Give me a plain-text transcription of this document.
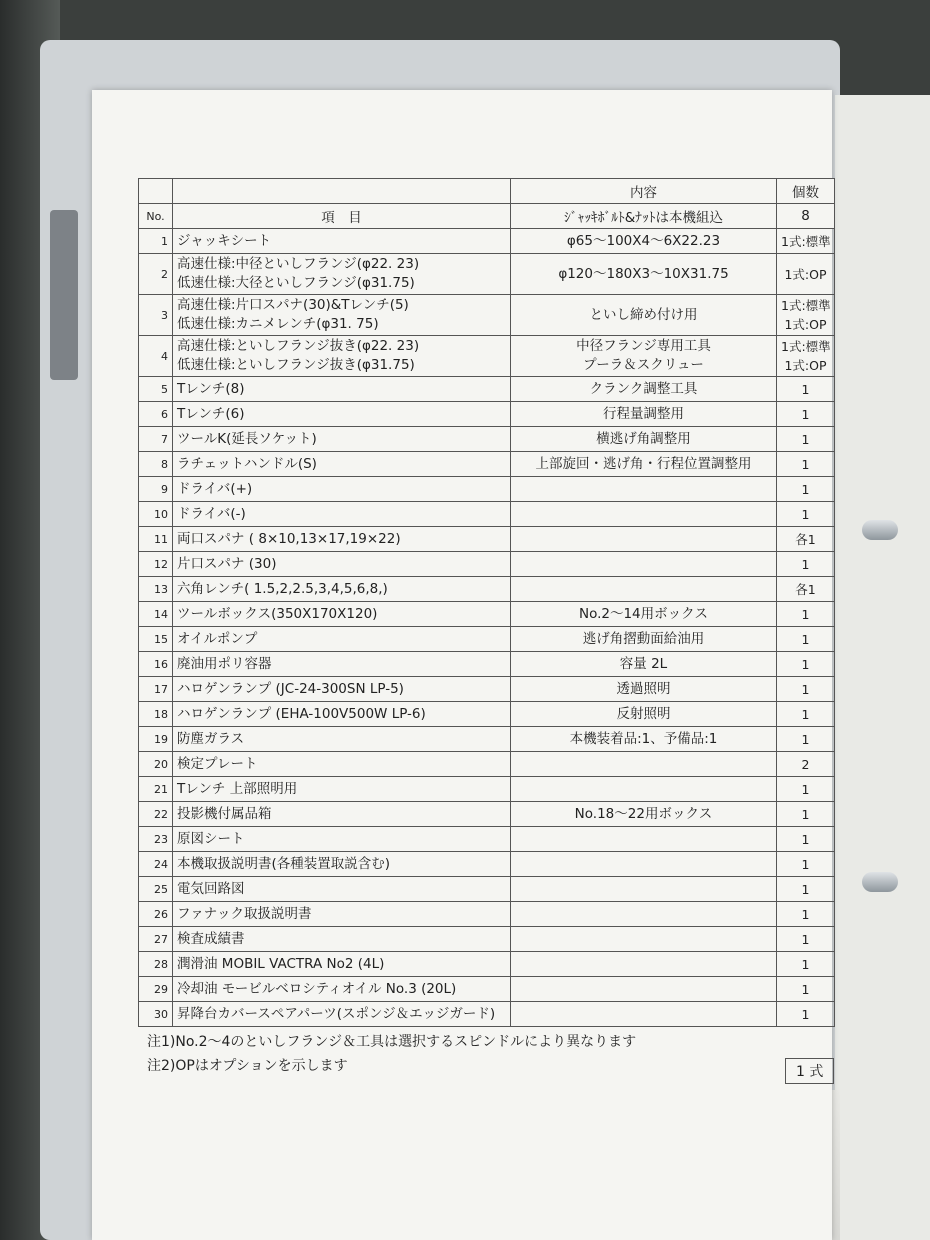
		内容	個数
No.	項　目	ｼﾞｬｯｷﾎﾞﾙﾄ&ﾅｯﾄは本機組込	8
1	ジャッキシート	φ65～100X4～6X22.23	1式:標準

2	高速仕様:中径といしフランジ(φ22. 23)
低速仕様:大径といしフランジ(φ31.75)	φ120～180X3～10X31.75	1式:OP

3	高速仕様:片口スパナ(30)&Tレンチ(5)
低速仕様:カニメレンチ(φ31. 75)	といし締め付け用	1式:標準
1式:OP

4	高速仕様:といしフランジ抜き(φ22. 23)
低速仕様:といしフランジ抜き(φ31.75)	中径フランジ専用工具
プーラ＆スクリュー	1式:標準
1式:OP

5	Tレンチ(8)	クランク調整工具	1

6	Tレンチ(6)	行程量調整用	1

7	ツールK(延長ソケット)	横逃げ角調整用	1

8	ラチェットハンドル(S)	上部旋回・逃げ角・行程位置調整用	1

9	ドライバ(+)		1

10	ドライバ(-)		1

11	両口スパナ ( 8×10,13×17,19×22)		各1

12	片口スパナ (30)		1

13	六角レンチ( 1.5,2,2.5,3,4,5,6,8,)		各1

14	ツールボックス(350X170X120)	No.2～14用ボックス	1

15	オイルポンプ	逃げ角摺動面給油用	1

16	廃油用ポリ容器	容量 2L	1

17	ハロゲンランプ (JC-24-300SN LP-5)	透過照明	1

18	ハロゲンランプ (EHA-100V500W LP-6)	反射照明	1

19	防塵ガラス	本機装着品:1、予備品:1	1

20	検定プレート		2

21	Tレンチ 上部照明用		1

22	投影機付属品箱	No.18～22用ボックス	1

23	原図シート		1

24	本機取扱説明書(各種装置取説含む)		1

25	電気回路図		1

26	ファナック取扱説明書		1

27	検査成績書		1

28	潤滑油 MOBIL VACTRA No2 (4L)		1

29	冷却油 モービルベロシティオイル No.3 (20L)		1

30	昇降台カバースペアパーツ(スポンジ＆エッジガード)		1
注1)No.2～4のといしフランジ＆工具は選択するスピンドルにより異なります
注2)OPはオプションを示します	1 式
